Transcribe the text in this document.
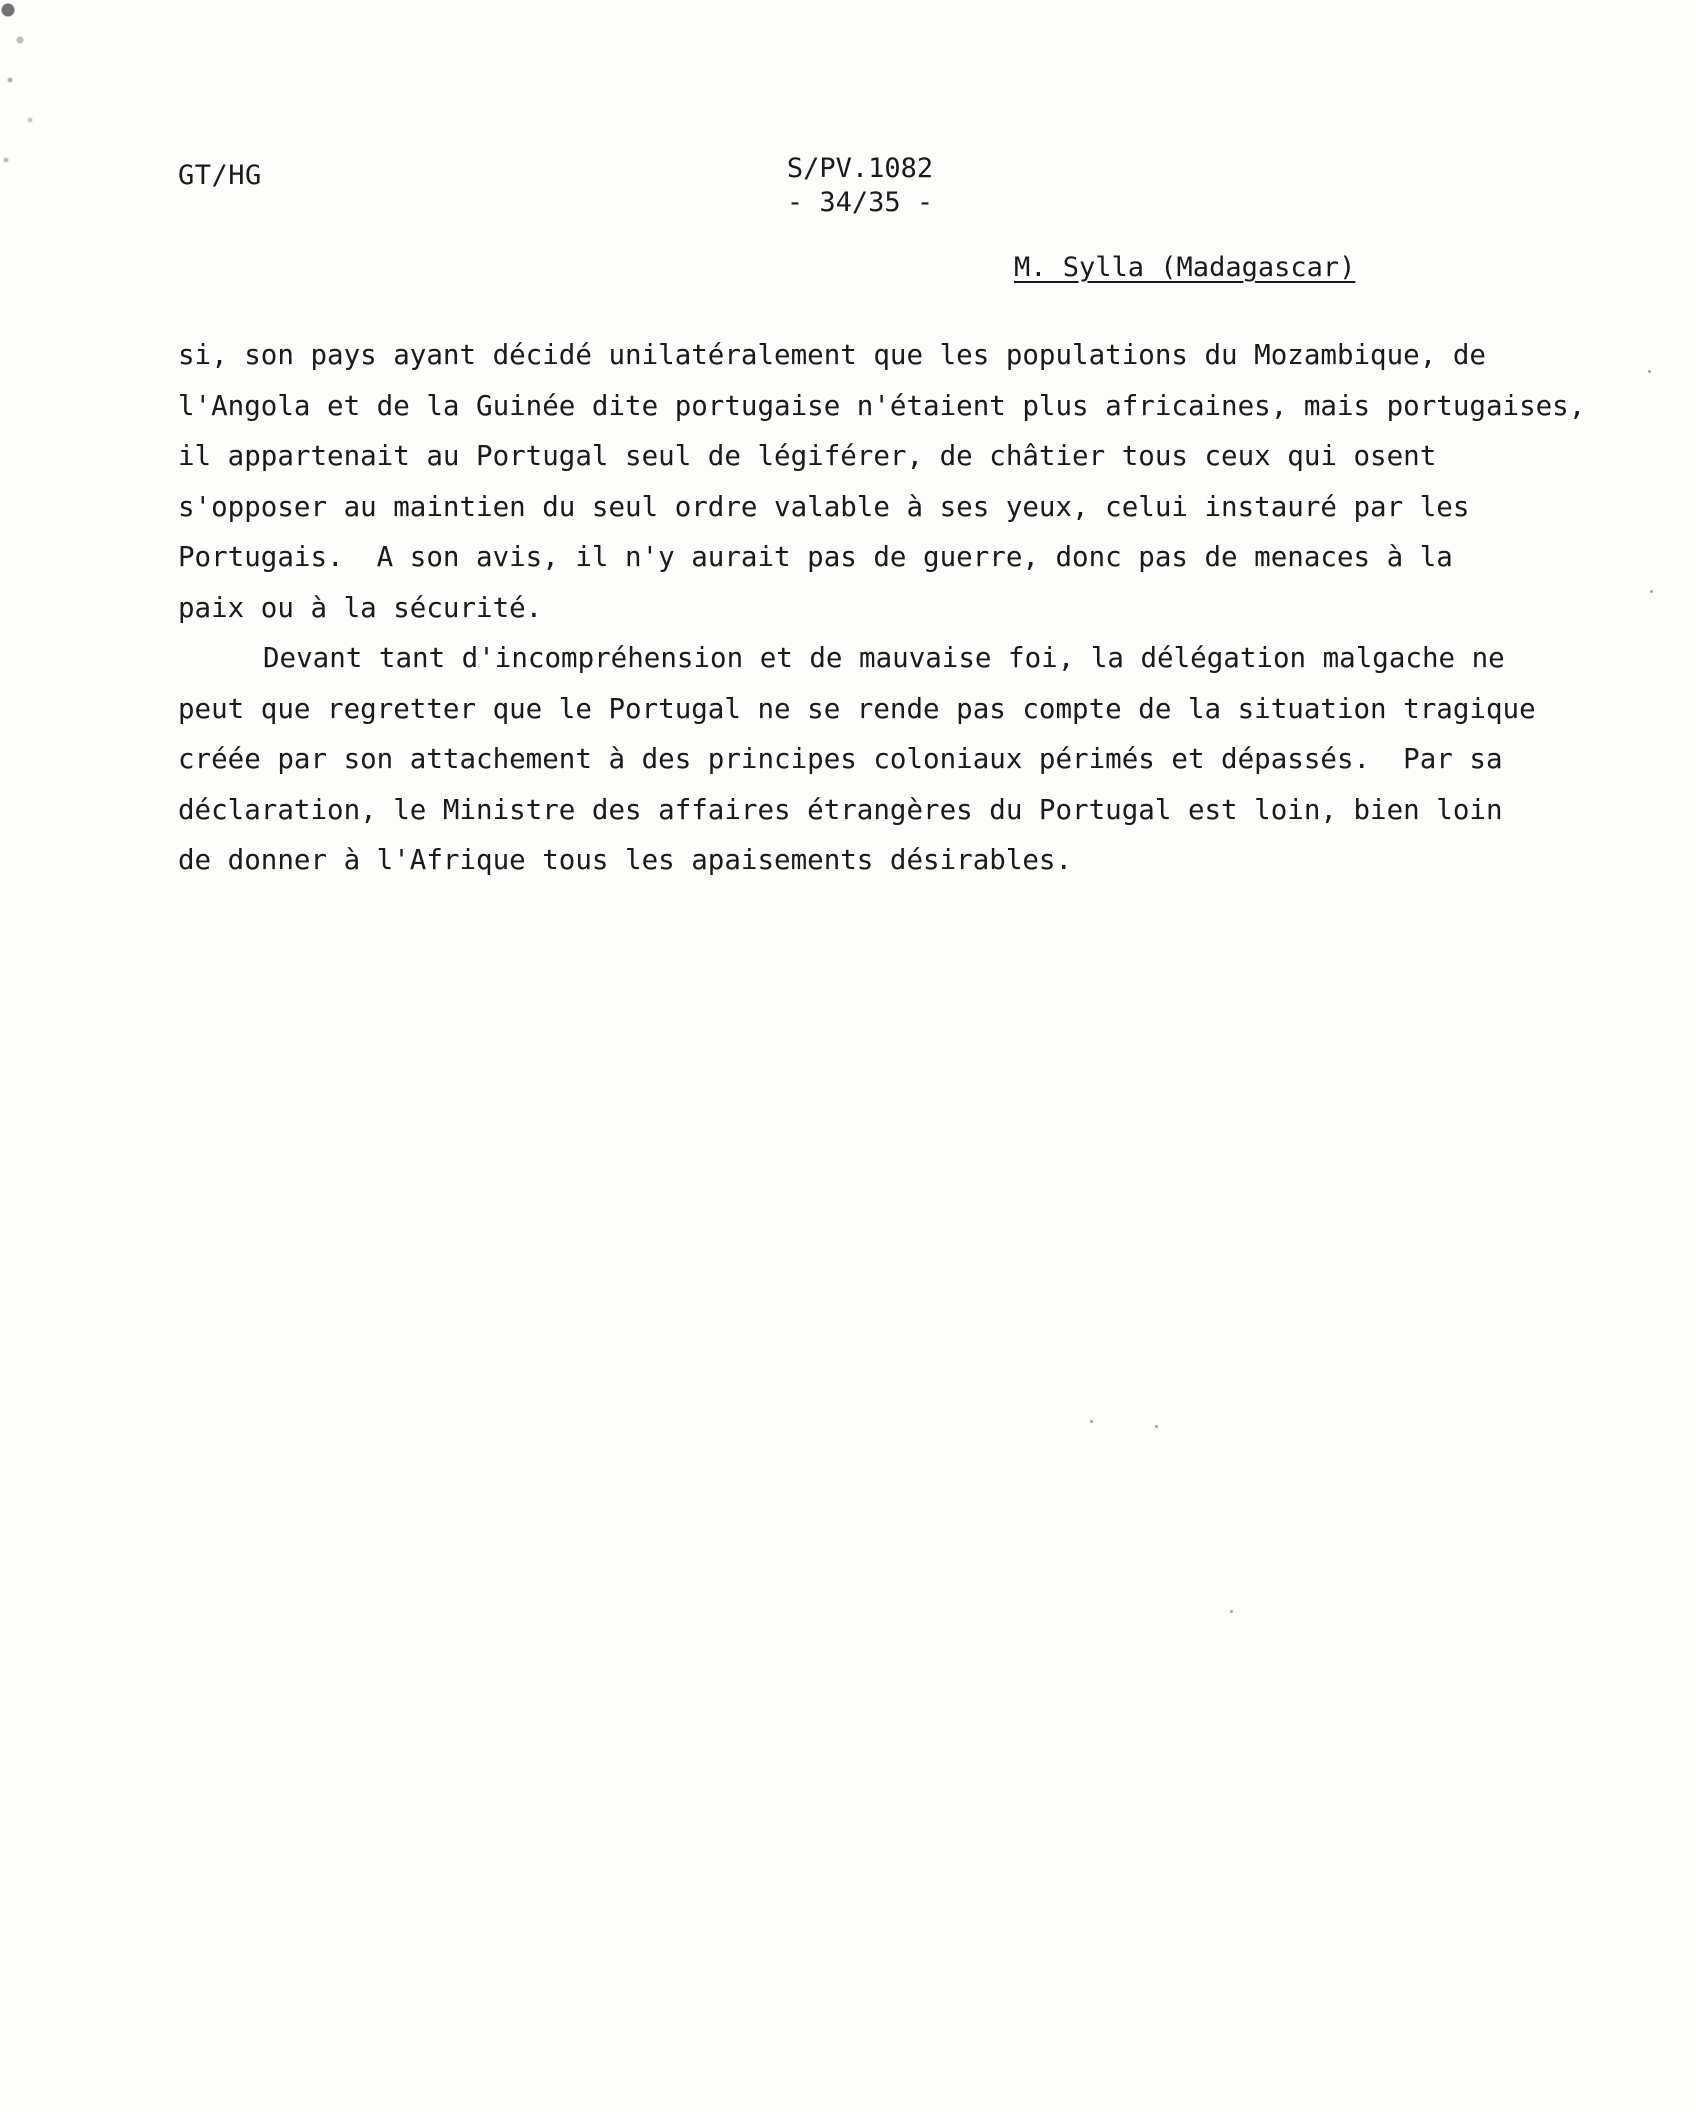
GT/HG	S/PV.1082
- 34/35 -
M. Sylla (Madagascar)
si, son pays ayant décidé unilatéralement que les populations du Mozambique, de
l'Angola et de la Guinée dite portugaise n'étaient plus africaines, mais portugaises,
il appartenait au Portugal seul de légiférer, de châtier tous ceux qui osent
s'opposer au maintien du seul ordre valable à ses yeux, celui instauré par les
Portugais.  A son avis, il n'y aurait pas de guerre, donc pas de menaces à la
paix ou à la sécurité.
Devant tant d'incompréhension et de mauvaise foi, la délégation malgache ne
peut que regretter que le Portugal ne se rende pas compte de la situation tragique
créée par son attachement à des principes coloniaux périmés et dépassés.  Par sa
déclaration, le Ministre des affaires étrangères du Portugal est loin, bien loin
de donner à l'Afrique tous les apaisements désirables.
